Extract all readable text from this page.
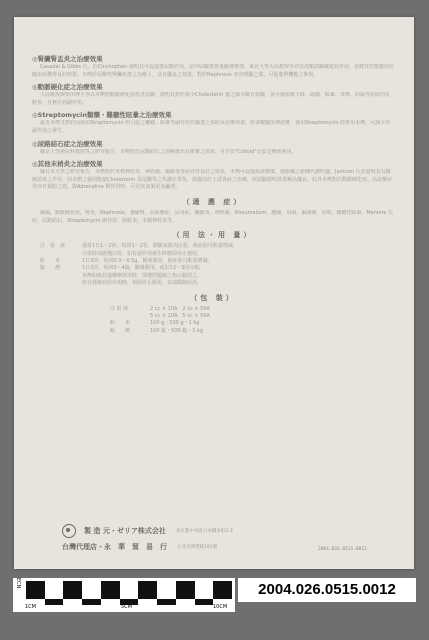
◎腎臟腎盂炎之治療效果

Casadal & Gibbs 氏，於Cinchophen 證明其可促進排尿酸作用，尿中尿酸排泄量顯著增加，東北大學大高教授等亦以鳥類試驗確認其作用，並將其性能應用於臨床而獲得良好結果。本劑於尿酸性腎臟疾患之治療上，具有優良之效果，對於Nephrosis 亦有明顯之效，可促進腎機能之恢復。

◎動脈硬化症之治療效果

大高教授與柴田博士等以本劑對動脈硬化症患者試驗，證明其對於血中Cholesterin 量之減少確有效驗，並可使血壓下降，頭痛、眩暈、耳鳴、肩凝等症狀均見輕快，且無任何副作用。

◎Streptomycin類藥・難聽性眩暈之治療效果

最近本劑又對於因使用Streptomycin 所引起之難聽、眩暈等副作用有顯著之預防及治療效果，經多數臨床例證實，使用Streptomycin 時併用本劑，可減少其副作用之發生。

◎尿路結石症之治療效果

據京大學泌尿科教授等之研究報告，本劑對於尿路結石之溶解排出有確實之效果，可作為"Colloid"及安定劑而利用。

◎其他末梢炎之治療效果

據日本大學之研究報告，本劑對於末梢神經炎、神經痛、關節炎等症亦有良好之效果，本劑可促進血液循環，使組織之新陳代謝旺盛，Jackson 氏亦證明其有鎮痛消炎之作用，因本劑之使用能使Cholesterin 及尿酸等之代謝正常化，故適用於上述各症之治療，經試驗證明效果極為優良。此外本劑對於動脈硬化症、高血壓症等亦有預防之效，與Adrenaline 類併用時，可見其效果更為顯著。

（適 應 症）

痛風，動脈硬化症，腎炎，Nephrosis，萎縮腎，高血壓症，尿毒症，關節炎，神經痛，Rheumatism，腰痛，肩凝，偏頭痛，耳鳴，難聽性眩暈，Meniere 氏症，尿路結石，Streptomycin 副作用，膀胱炎，末梢神經炎等。

（用 法・用 量）

注　射　液	通常1日1～2回，每回1～2管，靜脈或肌肉注射，依症狀可酌量增減。
注射時須緩慢注射，如有副作用發生時應即停止使用。
粉　　末	1日3回，每回0.3～0.5g，飯後服用，依症狀可酌量增減。
錠　　劑	1日3回，每回3～4錠，飯後服用，或1日2～3回分服。
本劑如與其他藥劑併用時，須遵照醫師之指示服用之。
如有過敏症狀出現時，須即停止服用，並請醫師診治。

（包 裝）

注 射 液	2 cc × 10A　2 cc × 50A
5 cc × 10A　5 cc × 50A
粉　　末	100 g・500 g・1 kg
錠　　劑	100 錠・500 錠・1 kg
製 造 元・ゼリア株式会社 東京都中央區日本橋本町2-3
台灣代理店・永　華　貿　易　行 台北市博愛路191號	2004.026.0515.0012
ECN
1CM	5CM	10CM
2004.026.0515.0012
